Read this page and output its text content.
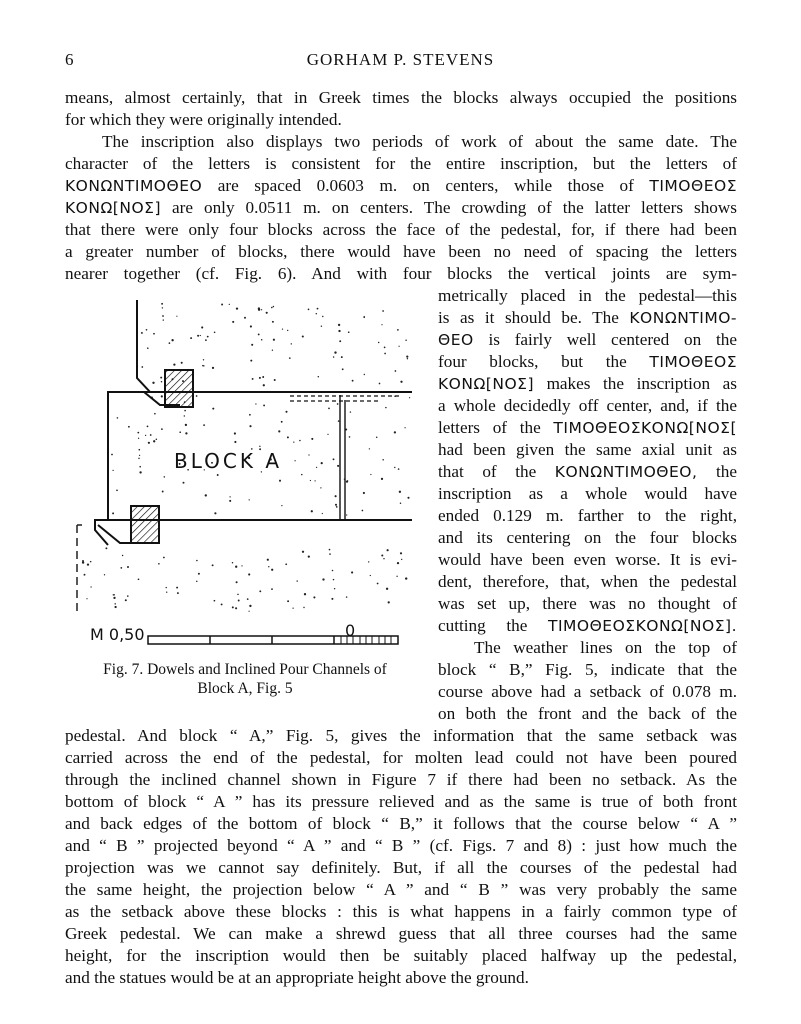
6	GORHAM P. STEVENS
means, almost certainly, that in Greek times the blocks always occupied the positions
for which they were originally intended.
The inscription also displays two periods of work of about the same date. The
character of the letters is consistent for the entire inscription, but the letters of
ΚΟΝΩΝΤΙΜΟΘΕΟ are spaced 0.0603 m. on centers, while those of ΤΙΜΟΘΕΟΣ
ΚΟΝΩ[ΝΟΣ] are only 0.0511 m. on centers. The crowding of the latter letters shows
that there were only four blocks across the face of the pedestal, for, if there had been
a greater number of blocks, there would have been no need of spacing the letters
nearer together (cf. Fig. 6). And with four blocks the vertical joints are sym-
metrically placed in the pedestal—this
is as it should be. The ΚΟΝΩΝΤΙΜΟ-
ΘΕΟ is fairly well centered on the
four blocks, but the ΤΙΜΟΘΕΟΣ
ΚΟΝΩ[ΝΟΣ] makes the inscription as
a whole decidedly off center, and, if the
letters of the ΤΙΜΟΘΕΟΣΚΟΝΩ[ΝΟΣ[
had been given the same axial unit as
that of the ΚΟΝΩΝΤΙΜΟΘΕΟ, the
inscription as a whole would have
ended 0.129 m. farther to the right,
and its centering on the four blocks
would have been even worse. It is evi-
dent, therefore, that, when the pedestal
was set up, there was no thought of
cutting the ΤΙΜΟΘΕΟΣΚΟΝΩ[ΝΟΣ].
The weather lines on the top of
block “ B,” Fig. 5, indicate that the
course above had a setback of 0.078 m.
on both the front and the back of the
pedestal. And block “ A,” Fig. 5, gives the information that the same setback was
carried across the end of the pedestal, for molten lead could not have been poured
through the inclined channel shown in Figure 7 if there had been no setback. As the
bottom of block “ A ” has its pressure relieved and as the same is true of both front
and back edges of the bottom of block “ B,” it follows that the course below “ A ”
and “ B ” projected beyond “ A ” and “ B ” (cf. Figs. 7 and 8) : just how much the
projection was we cannot say definitely. But, if all the courses of the pedestal had
the same height, the projection below “ A ” and “ B ” was very probably the same
as the setback above these blocks : this is what happens in a fairly common type of
Greek pedestal. We can make a shrewd guess that all three courses had the same
height, for the inscription would then be suitably placed halfway up the pedestal,
and the statues would be at an appropriate height above the ground.
BLOCK A
M 0,50	0
Fig. 7. Dowels and Inclined Pour Channels of
Block A, Fig. 5
